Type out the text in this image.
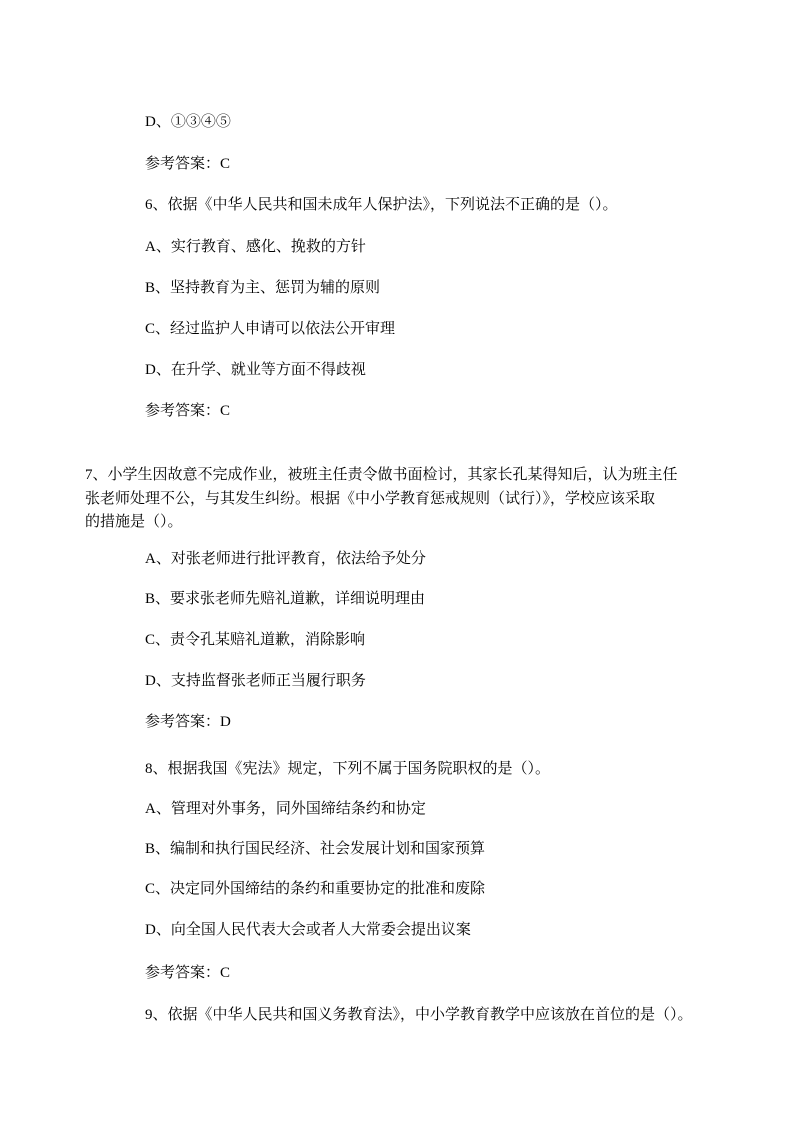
D、①③④⑤

参考答案：C

6、依据《中华人民共和国未成年人保护法》，下列说法不正确的是（）。

A、实行教育、感化、挽救的方针

B、坚持教育为主、惩罚为辅的原则

C、经过监护人申请可以依法公开审理

D、在升学、就业等方面不得歧视

参考答案：C

7、小学生因故意不完成作业，被班主任责令做书面检讨，其家长孔某得知后，认为班主任
张老师处理不公，与其发生纠纷。根据《中小学教育惩戒规则（试行）》，学校应该采取
的措施是（）。

A、对张老师进行批评教育，依法给予处分

B、要求张老师先赔礼道歉，详细说明理由

C、责令孔某赔礼道歉，消除影响

D、支持监督张老师正当履行职务

参考答案：D

8、根据我国《宪法》规定，下列不属于国务院职权的是（）。

A、管理对外事务，同外国缔结条约和协定

B、编制和执行国民经济、社会发展计划和国家预算

C、决定同外国缔结的条约和重要协定的批准和废除

D、向全国人民代表大会或者人大常委会提出议案

参考答案：C

9、依据《中华人民共和国义务教育法》，中小学教育教学中应该放在首位的是（）。
